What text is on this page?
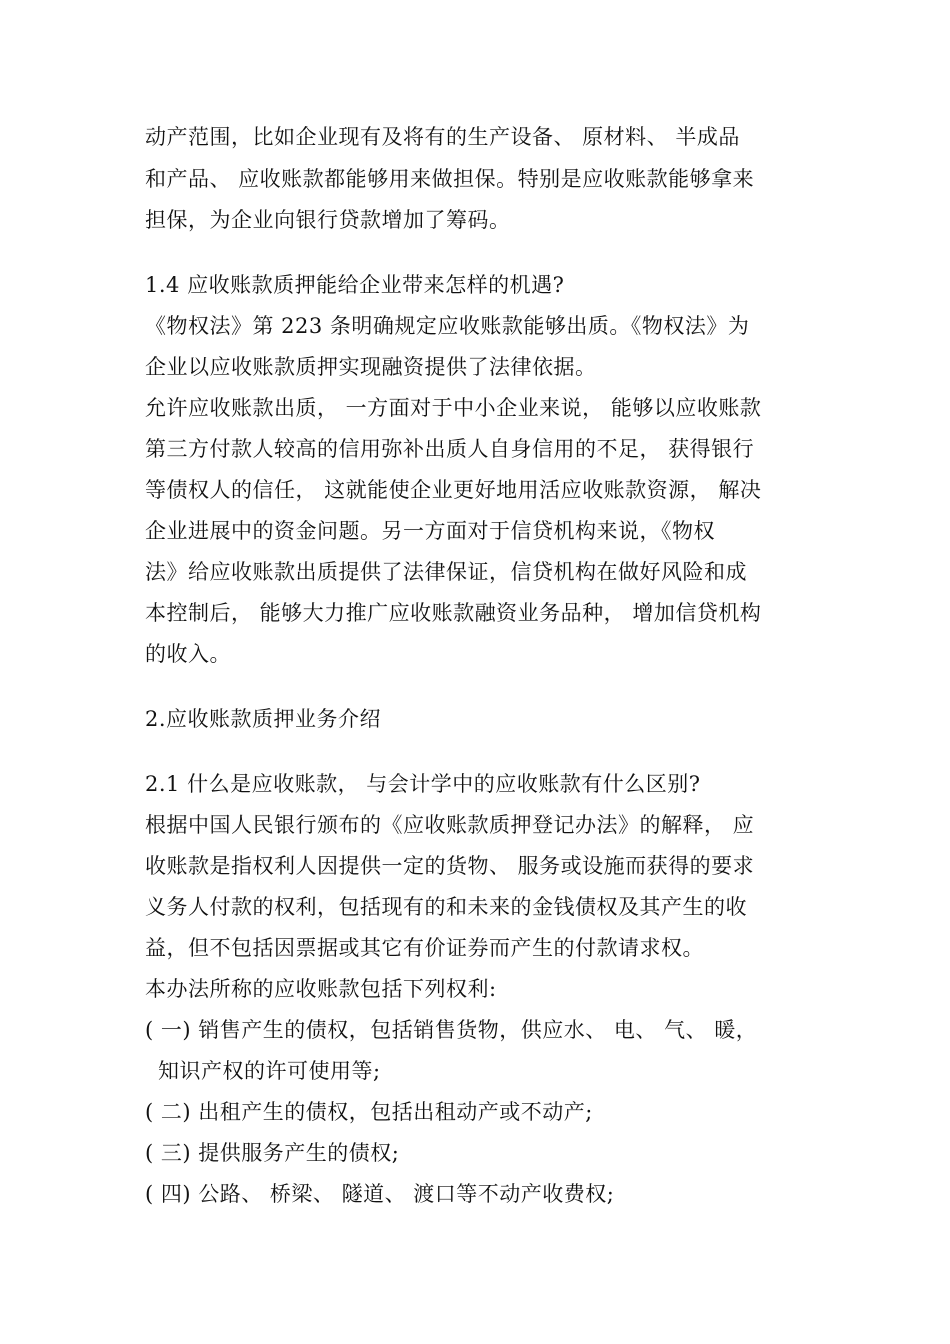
动产范围，比如企业现有及将有的生产设备、 原材料、 半成品
和产品、 应收账款都能够用来做担保。特别是应收账款能够拿来
担保，为企业向银行贷款增加了筹码。
1.4 应收账款质押能给企业带来怎样的机遇?
《物权法》第 223 条明确规定应收账款能够出质。《物权法》为
企业以应收账款质押实现融资提供了法律依据。
允许应收账款出质， 一方面对于中小企业来说， 能够以应收账款
第三方付款人较高的信用弥补出质人自身信用的不足， 获得银行
等债权人的信任， 这就能使企业更好地用活应收账款资源， 解决
企业进展中的资金问题。另一方面对于信贷机构来说，《物权
法》给应收账款出质提供了法律保证，信贷机构在做好风险和成
本控制后， 能够大力推广应收账款融资业务品种， 增加信贷机构
的收入。
2.应收账款质押业务介绍
2.1 什么是应收账款， 与会计学中的应收账款有什么区别?
根据中国人民银行颁布的《应收账款质押登记办法》的解释， 应
收账款是指权利人因提供一定的货物、 服务或设施而获得的要求
义务人付款的权利，包括现有的和未来的金钱债权及其产生的收
益，但不包括因票据或其它有价证券而产生的付款请求权。
本办法所称的应收账款包括下列权利:
( 一) 销售产生的债权，包括销售货物，供应水、 电、 气、 暖，
知识产权的许可使用等;
( 二) 出租产生的债权，包括出租动产或不动产;
( 三) 提供服务产生的债权;
( 四) 公路、 桥梁、 隧道、 渡口等不动产收费权;
